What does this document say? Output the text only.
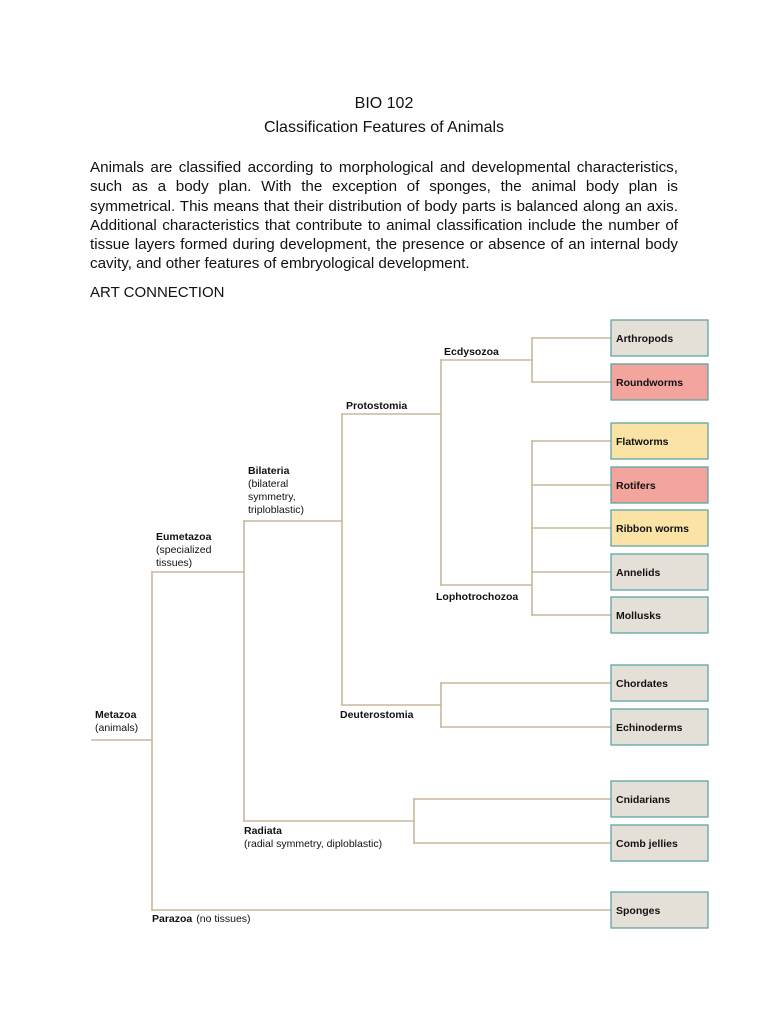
BIO 102
Classification Features of Animals

Animals are classified according to morphological and developmental characteristics, such as a body plan. With the exception of sponges, the animal body plan is symmetrical. This means that their distribution of body parts is balanced along an axis. Additional characteristics that contribute to animal classification include the number of tissue layers formed during development, the presence or absence of an internal body cavity, and other features of embryological development.

ART CONNECTION
Arthropods
Roundworms
Flatworms
Rotifers
Ribbon worms
Annelids
Mollusks
Chordates
Echinoderms
Cnidarians
Comb jellies
Sponges
Metazoa
(animals)
Eumetazoa
(specialized
tissues)
Bilateria
(bilateral
symmetry,
triploblastic)
Protostomia
Ecdysozoa
Lophotrochozoa
Deuterostomia
Radiata
(radial symmetry, diploblastic)
Parazoa (no tissues)
